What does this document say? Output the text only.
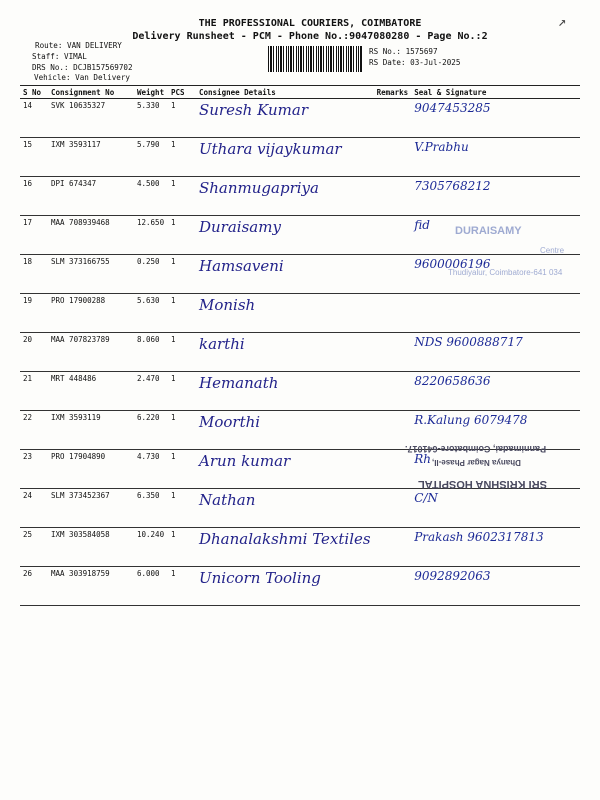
THE PROFESSIONAL COURIERS, COIMBATORE
Delivery Runsheet - PCM - Phone No.:9047080280 - Page No.:2
Route: VAN DELIVERY
Staff: VIMAL
DRS No.: DCJB157569702
Vehicle: Van Delivery
RS No.: 1575697
RS Date: 03-Jul-2025
↗
S No	Consignment No	Weight	PCS	Consignee Details	Remarks	Seal & Signature
14	SVK 10635327	5.330	1	Suresh Kumar		9047453285
15	IXM 3593117	5.790	1	Uthara vijaykumar		V.Prabhu
16	DPI 674347	4.500	1	Shanmugapriya		7305768212
17	MAA 708939468	12.650	1	Duraisamy		fid
18	SLM 373166755	0.250	1	Hamsaveni		9600006196
19	PRO 17900288	5.630	1	Monish		
20	MAA 707823789	8.060	1	karthi		NDS 9600888717
21	MRT 448486	2.470	1	Hemanath		8220658636
22	IXM 3593119	6.220	1	Moorthi		R.Kalung 6079478
23	PRO 17904890	4.730	1	Arun kumar		Rh
24	SLM 373452367	6.350	1	Nathan		C/N
25	IXM 303584058	10.240	1	Dhanalakshmi Textiles		Prakash 9602317813
26	MAA 303918759	6.000	1	Unicorn Tooling		9092892063
DURAISAMY
Centre
Thudiyalur, Coimbatore-641 034
SRI KRISHNA HOSPITAL
Dhanya Nagar Phase-II,
Pannimadai, Coimbatore-641017.
